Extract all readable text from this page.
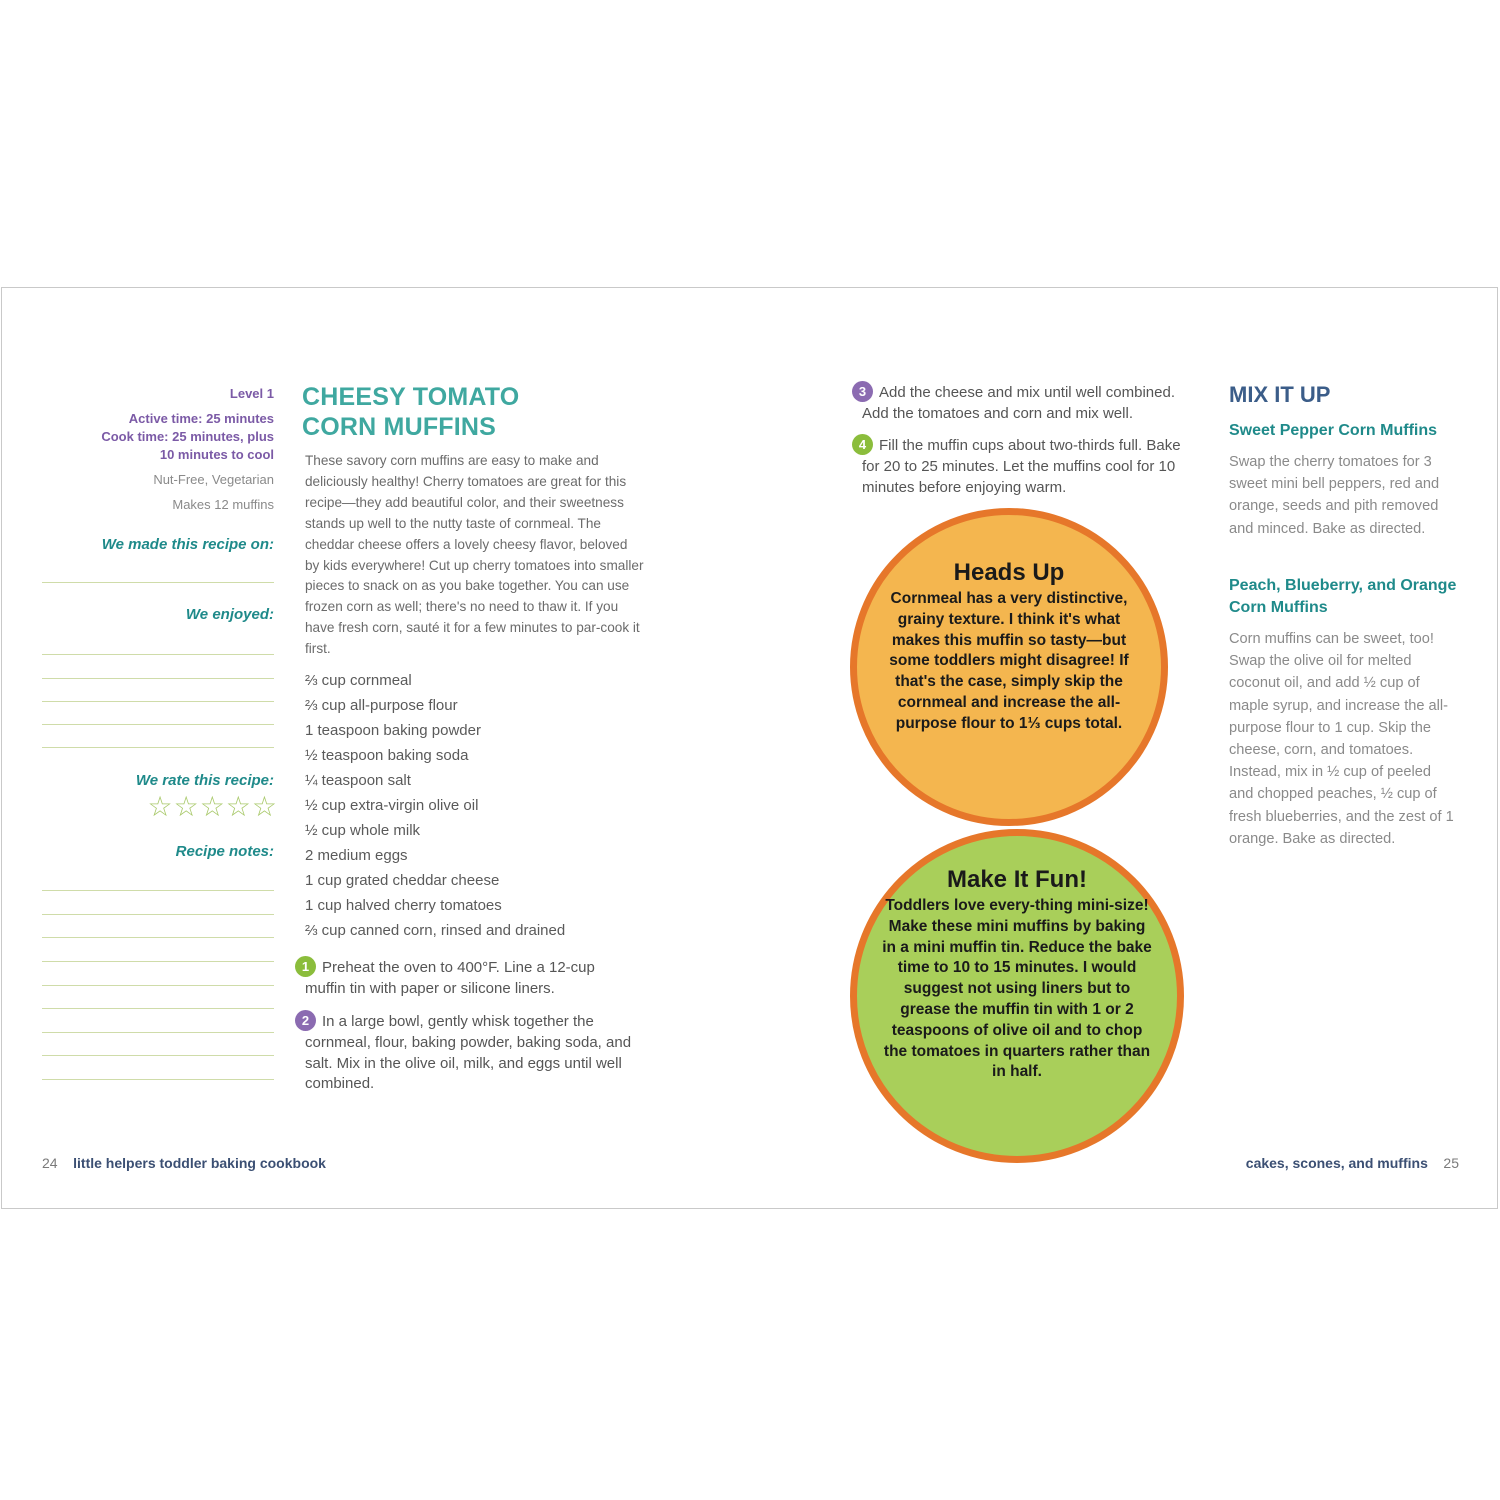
Level 1
Active time: 25 minutes
Cook time: 25 minutes, plus
10 minutes to cool
Nut-Free, Vegetarian
Makes 12 muffins
We made this recipe on:
We enjoyed:
We rate this recipe:
☆☆☆☆☆
Recipe notes:
CHEESY TOMATO
CORN MUFFINS
These savory corn muffins are easy to make and deliciously healthy! Cherry tomatoes are great for this recipe—they add beautiful color, and their sweetness stands up well to the nutty taste of cornmeal. The cheddar cheese offers a lovely cheesy flavor, beloved by kids everywhere! Cut up cherry tomatoes into smaller pieces to snack on as you bake together. You can use frozen corn as well; there's no need to thaw it. If you have fresh corn, sauté it for a few minutes to par-cook it first.
⅔ cup cornmeal
⅔ cup all-purpose flour
1 teaspoon baking powder
½ teaspoon baking soda
¼ teaspoon salt
½ cup extra-virgin olive oil
½ cup whole milk
2 medium eggs
1 cup grated cheddar cheese
1 cup halved cherry tomatoes
⅔ cup canned corn, rinsed and drained
1 Preheat the oven to 400°F. Line a 12-cup
muffin tin with paper or silicone liners.
2 In a large bowl, gently whisk together the
cornmeal, flour, baking powder, baking soda, and salt. Mix in the olive oil, milk, and eggs until well combined.
3 Add the cheese and mix until well combined.
Add the tomatoes and corn and mix well.
4 Fill the muffin cups about two-thirds full. Bake
for 20 to 25 minutes. Let the muffins cool for 10 minutes before enjoying warm.
Heads Up
Cornmeal has a very distinctive, grainy texture. I think it's what makes this muffin so tasty—but some toddlers might disagree! If that's the case, simply skip the cornmeal and increase the all-purpose flour to 1⅓ cups total.
Make It Fun!
Toddlers love every-thing mini-size! Make these mini muffins by baking in a mini muffin tin. Reduce the bake time to 10 to 15 minutes. I would suggest not using liners but to grease the muffin tin with 1 or 2 teaspoons of olive oil and to chop the tomatoes in quarters rather than in half.
MIX IT UP
Sweet Pepper Corn Muffins
Swap the cherry tomatoes for 3 sweet mini bell peppers, red and orange, seeds and pith removed and minced. Bake as directed.
Peach, Blueberry, and Orange Corn Muffins
Corn muffins can be sweet, too! Swap the olive oil for melted coconut oil, and add ½ cup of maple syrup, and increase the all-purpose flour to 1 cup. Skip the cheese, corn, and tomatoes. Instead, mix in ½ cup of peeled and chopped peaches, ½ cup of fresh blueberries, and the zest of 1 orange. Bake as directed.
24 little helpers toddler baking cookbook	cakes, scones, and muffins 25
